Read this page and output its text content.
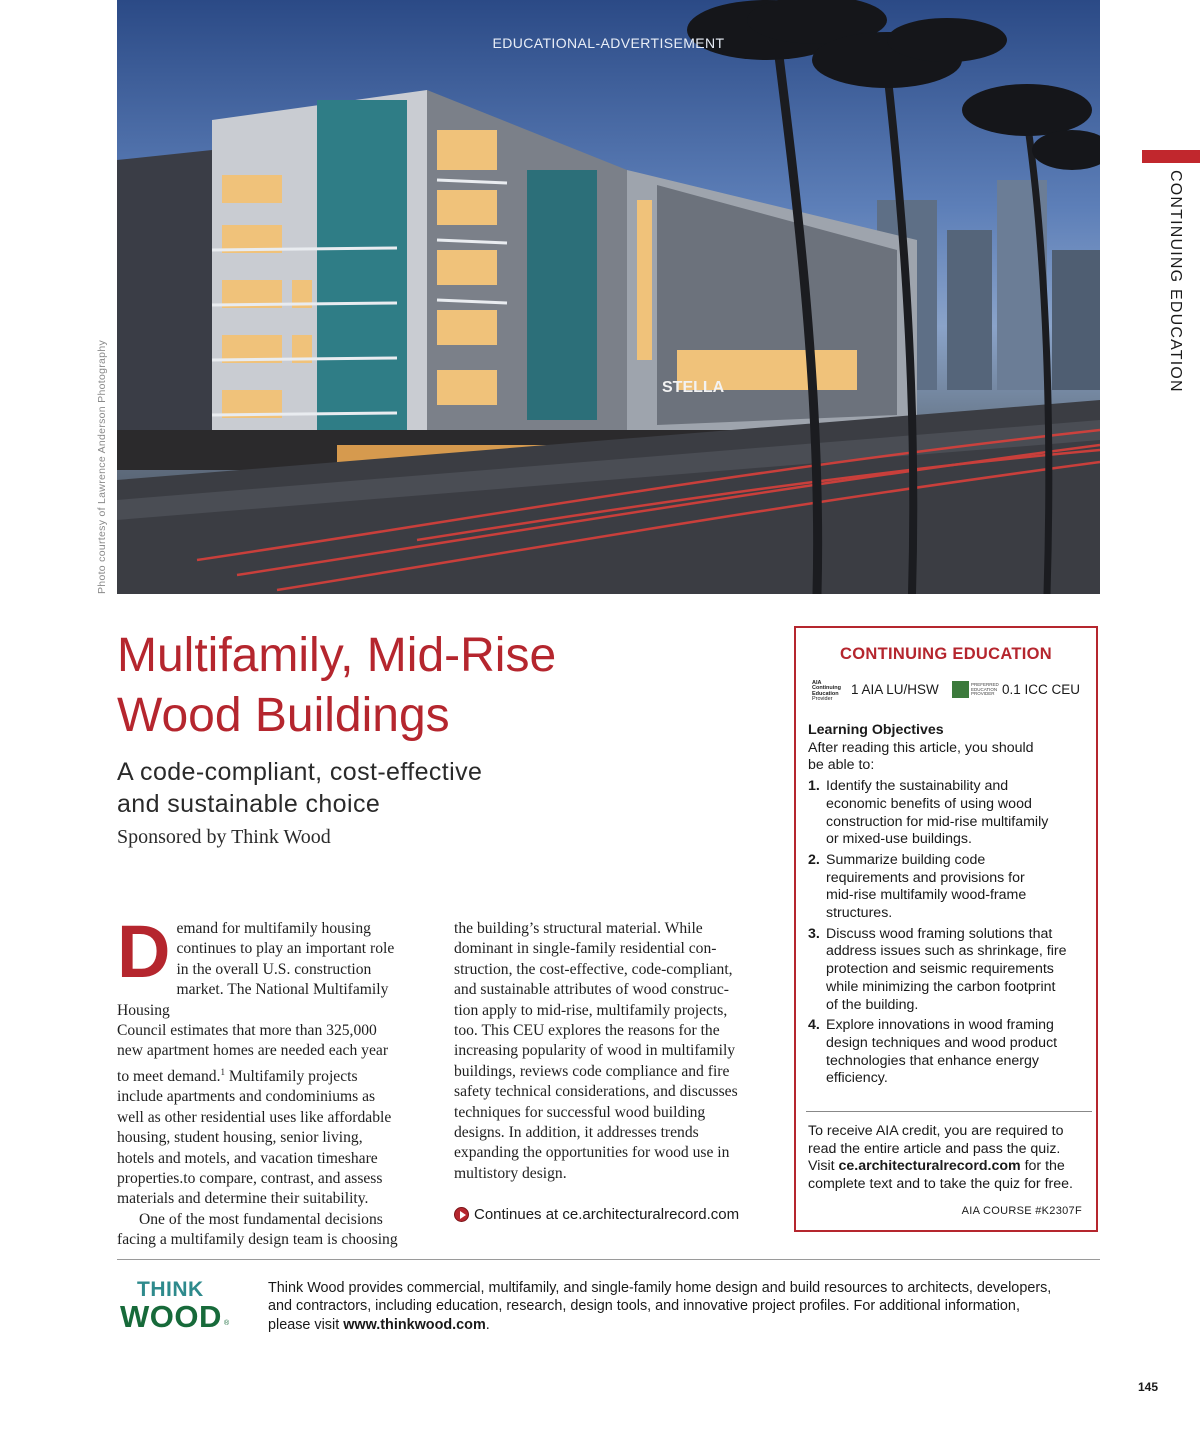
STELLA
EDUCATIONAL-ADVERTISEMENT
Photo courtesy of Lawrence Anderson Photography
CONTINUING EDUCATION
Multifamily, Mid-Rise
Wood Buildings
A code-compliant, cost-effective
and sustainable choice
Sponsored by Think Wood
D emand for multifamily housing
continues to play an important role
in the overall U.S. construction
market. The National Multifamily Housing
Council estimates that more than 325,000
new apartment homes are needed each year
to meet demand.$^1$ Multifamily projects
include apartments and condominiums as
well as other residential uses like affordable
housing, student housing, senior living,
hotels and motels, and vacation timeshare
properties.to compare, contrast, and assess
materials and determine their suitability.

One of the most fundamental decisions
facing a multifamily design team is choosing
the building’s structural material. While
dominant in single-family residential con-
struction, the cost-effective, code-compliant,
and sustainable attributes of wood construc-
tion apply to mid-rise, multifamily projects,
too. This CEU explores the reasons for the
increasing popularity of wood in multifamily
buildings, reviews code compliance and fire
safety technical considerations, and discusses
techniques for successful wood building
designs. In addition, it addresses trends
expanding the opportunities for wood use in
multistory design.
Continues at ce.architecturalrecord.com
CONTINUING EDUCATION
AIA
Continuing
Education
Provider
1 AIA LU/HSW	PREFERRED
EDUCATION
PROVIDER 0.1 ICC CEU
Learning Objectives
After reading this article, you should
be able to:
1. Identify the sustainability and
economic benefits of using wood
construction for mid-rise multifamily
or mixed-use buildings.
2. Summarize building code
requirements and provisions for
mid-rise multifamily wood-frame
structures.
3. Discuss wood framing solutions that
address issues such as shrinkage, fire
protection and seismic requirements
while minimizing the carbon footprint
of the building.
4. Explore innovations in wood framing
design techniques and wood product
technologies that enhance energy
efficiency.
To receive AIA credit, you are required to
read the entire article and pass the quiz.
Visit ce.architecturalrecord.com for the
complete text and to take the quiz for free.
AIA COURSE #K2307F
THINK
WOOD ®
Think Wood provides commercial, multifamily, and single-family home design and build resources to architects, developers,
and contractors, including education, research, design tools, and innovative project profiles. For additional information,
please visit www.thinkwood.com.
145
